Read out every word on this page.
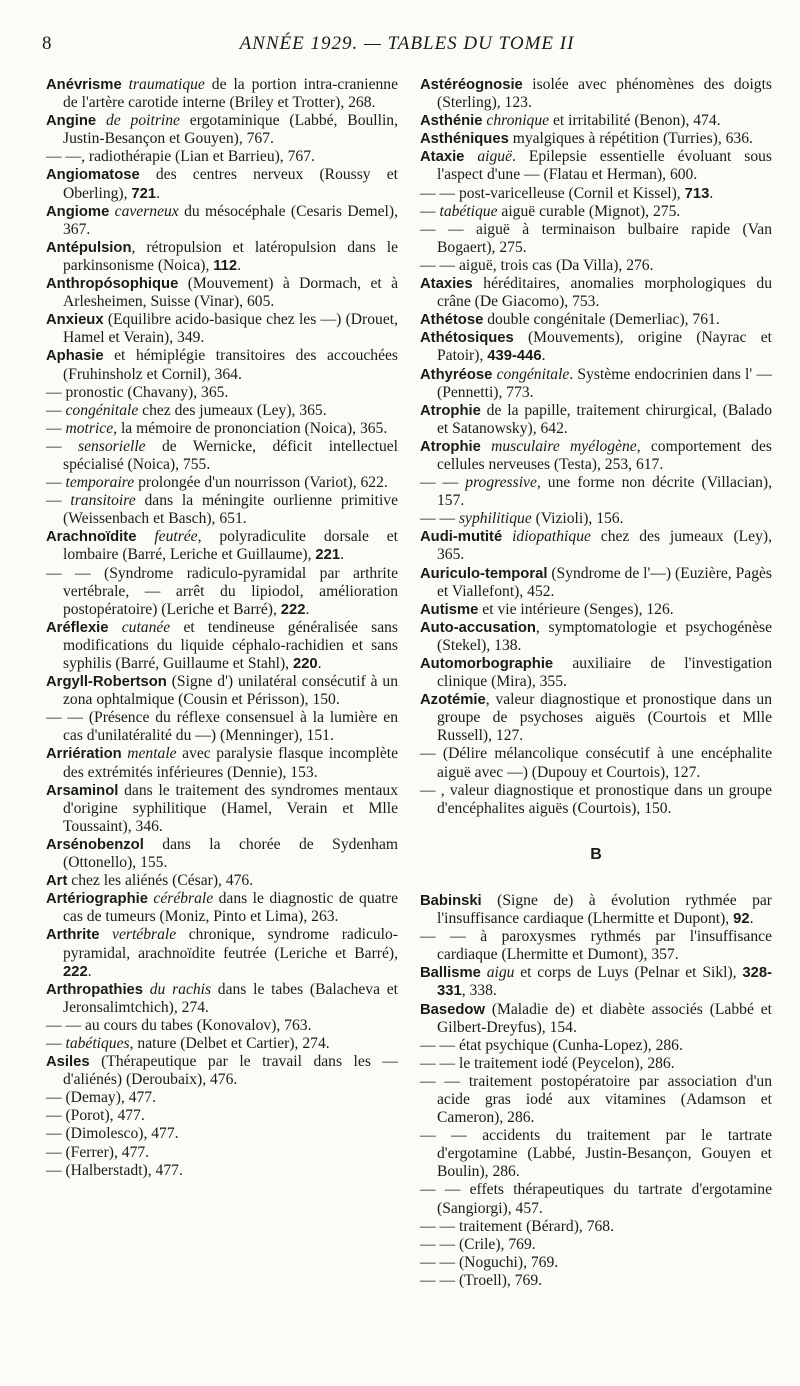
8	ANNÉE 1929. — TABLES DU TOME II

Anévrisme traumatique de la portion intra-cranienne de l'artère carotide interne (Briley et Trotter), 268.

Angine de poitrine ergotaminique (Labbé, Boullin, Justin-Besançon et Gouyen), 767.

— —, radiothérapie (Lian et Barrieu), 767.

Angiomatose des centres nerveux (Roussy et Oberling), 721.

Angiome caverneux du mésocéphale (Cesaris Demel), 367.

Antépulsion, rétropulsion et latéropulsion dans le parkinsonisme (Noica), 112.

Anthropósophique (Mouvement) à Dormach, et à Arlesheimen, Suisse (Vinar), 605.

Anxieux (Equilibre acido-basique chez les —) (Drouet, Hamel et Verain), 349.

Aphasie et hémiplégie transitoires des accouchées (Fruhinsholz et Cornil), 364.

— pronostic (Chavany), 365.

— congénitale chez des jumeaux (Ley), 365.

— motrice, la mémoire de prononciation (Noica), 365.

— sensorielle de Wernicke, déficit intellectuel spécialisé (Noica), 755.

— temporaire prolongée d'un nourrisson (Variot), 622.

— transitoire dans la méningite ourlienne primitive (Weissenbach et Basch), 651.

Arachnoïdite feutrée, polyradiculite dorsale et lombaire (Barré, Leriche et Guillaume), 221.

— — (Syndrome radiculo-pyramidal par arthrite vertébrale, — arrêt du lipiodol, amélioration postopératoire) (Leriche et Barré), 222.

Aréflexie cutanée et tendineuse généralisée sans modifications du liquide céphalo-rachidien et sans syphilis (Barré, Guillaume et Stahl), 220.

Argyll-Robertson (Signe d') unilatéral consécutif à un zona ophtalmique (Cousin et Périsson), 150.

— — (Présence du réflexe consensuel à la lumière en cas d'unilatéralité du —) (Menninger), 151.

Arriération mentale avec paralysie flasque incomplète des extrémités inférieures (Dennie), 153.

Arsaminol dans le traitement des syndromes mentaux d'origine syphilitique (Hamel, Verain et Mlle Toussaint), 346.

Arsénobenzol dans la chorée de Sydenham (Ottonello), 155.

Art chez les aliénés (César), 476.

Artériographie cérébrale dans le diagnostic de quatre cas de tumeurs (Moniz, Pinto et Lima), 263.

Arthrite vertébrale chronique, syndrome radiculo-pyramidal, arachnoïdite feutrée (Leriche et Barré), 222.

Arthropathies du rachis dans le tabes (Balacheva et Jeronsalimtchich), 274.

— — au cours du tabes (Konovalov), 763.

— tabétiques, nature (Delbet et Cartier), 274.

Asiles (Thérapeutique par le travail dans les — d'aliénés) (Deroubaix), 476.

— (Demay), 477.

— (Porot), 477.

— (Dimolesco), 477.

— (Ferrer), 477.

— (Halberstadt), 477.

Astéréognosie isolée avec phénomènes des doigts (Sterling), 123.

Asthénie chronique et irritabilité (Benon), 474.

Asthéniques myalgiques à répétition (Turries), 636.

Ataxie aiguë. Epilepsie essentielle évoluant sous l'aspect d'une — (Flatau et Herman), 600.

— — post-varicelleuse (Cornil et Kissel), 713.

— tabétique aiguë curable (Mignot), 275.

— — aiguë à terminaison bulbaire rapide (Van Bogaert), 275.

— — aiguë, trois cas (Da Villa), 276.

Ataxies héréditaires, anomalies morphologiques du crâne (De Giacomo), 753.

Athétose double congénitale (Demerliac), 761.

Athétosiques (Mouvements), origine (Nayrac et Patoir), 439-446.

Athyréose congénitale. Système endocrinien dans l' — (Pennetti), 773.

Atrophie de la papille, traitement chirurgical, (Balado et Satanowsky), 642.

Atrophie musculaire myélogène, comportement des cellules nerveuses (Testa), 253, 617.

— — progressive, une forme non décrite (Villacian), 157.

— — syphilitique (Vizioli), 156.

Audi-mutité idiopathique chez des jumeaux (Ley), 365.

Auriculo-temporal (Syndrome de l'—) (Euzière, Pagès et Viallefont), 452.

Autisme et vie intérieure (Senges), 126.

Auto-accusation, symptomatologie et psychogénèse (Stekel), 138.

Automorbographie auxiliaire de l'investigation clinique (Mira), 355.

Azotémie, valeur diagnostique et pronostique dans un groupe de psychoses aiguës (Courtois et Mlle Russell), 127.

— (Délire mélancolique consécutif à une encéphalite aiguë avec —) (Dupouy et Courtois), 127.

— , valeur diagnostique et pronostique dans un groupe d'encéphalites aiguës (Courtois), 150.

B

Babinski (Signe de) à évolution rythmée par l'insuffisance cardiaque (Lhermitte et Dupont), 92.

— — à paroxysmes rythmés par l'insuffisance cardiaque (Lhermitte et Dumont), 357.

Ballisme aigu et corps de Luys (Pelnar et Sikl), 328-331, 338.

Basedow (Maladie de) et diabète associés (Labbé et Gilbert-Dreyfus), 154.

— — état psychique (Cunha-Lopez), 286.

— — le traitement iodé (Peycelon), 286.

— — traitement postopératoire par association d'un acide gras iodé aux vitamines (Adamson et Cameron), 286.

— — accidents du traitement par le tartrate d'ergotamine (Labbé, Justin-Besançon, Gouyen et Boulin), 286.

— — effets thérapeutiques du tartrate d'ergotamine (Sangiorgi), 457.

— — traitement (Bérard), 768.

— — (Crile), 769.

— — (Noguchi), 769.

— — (Troell), 769.
